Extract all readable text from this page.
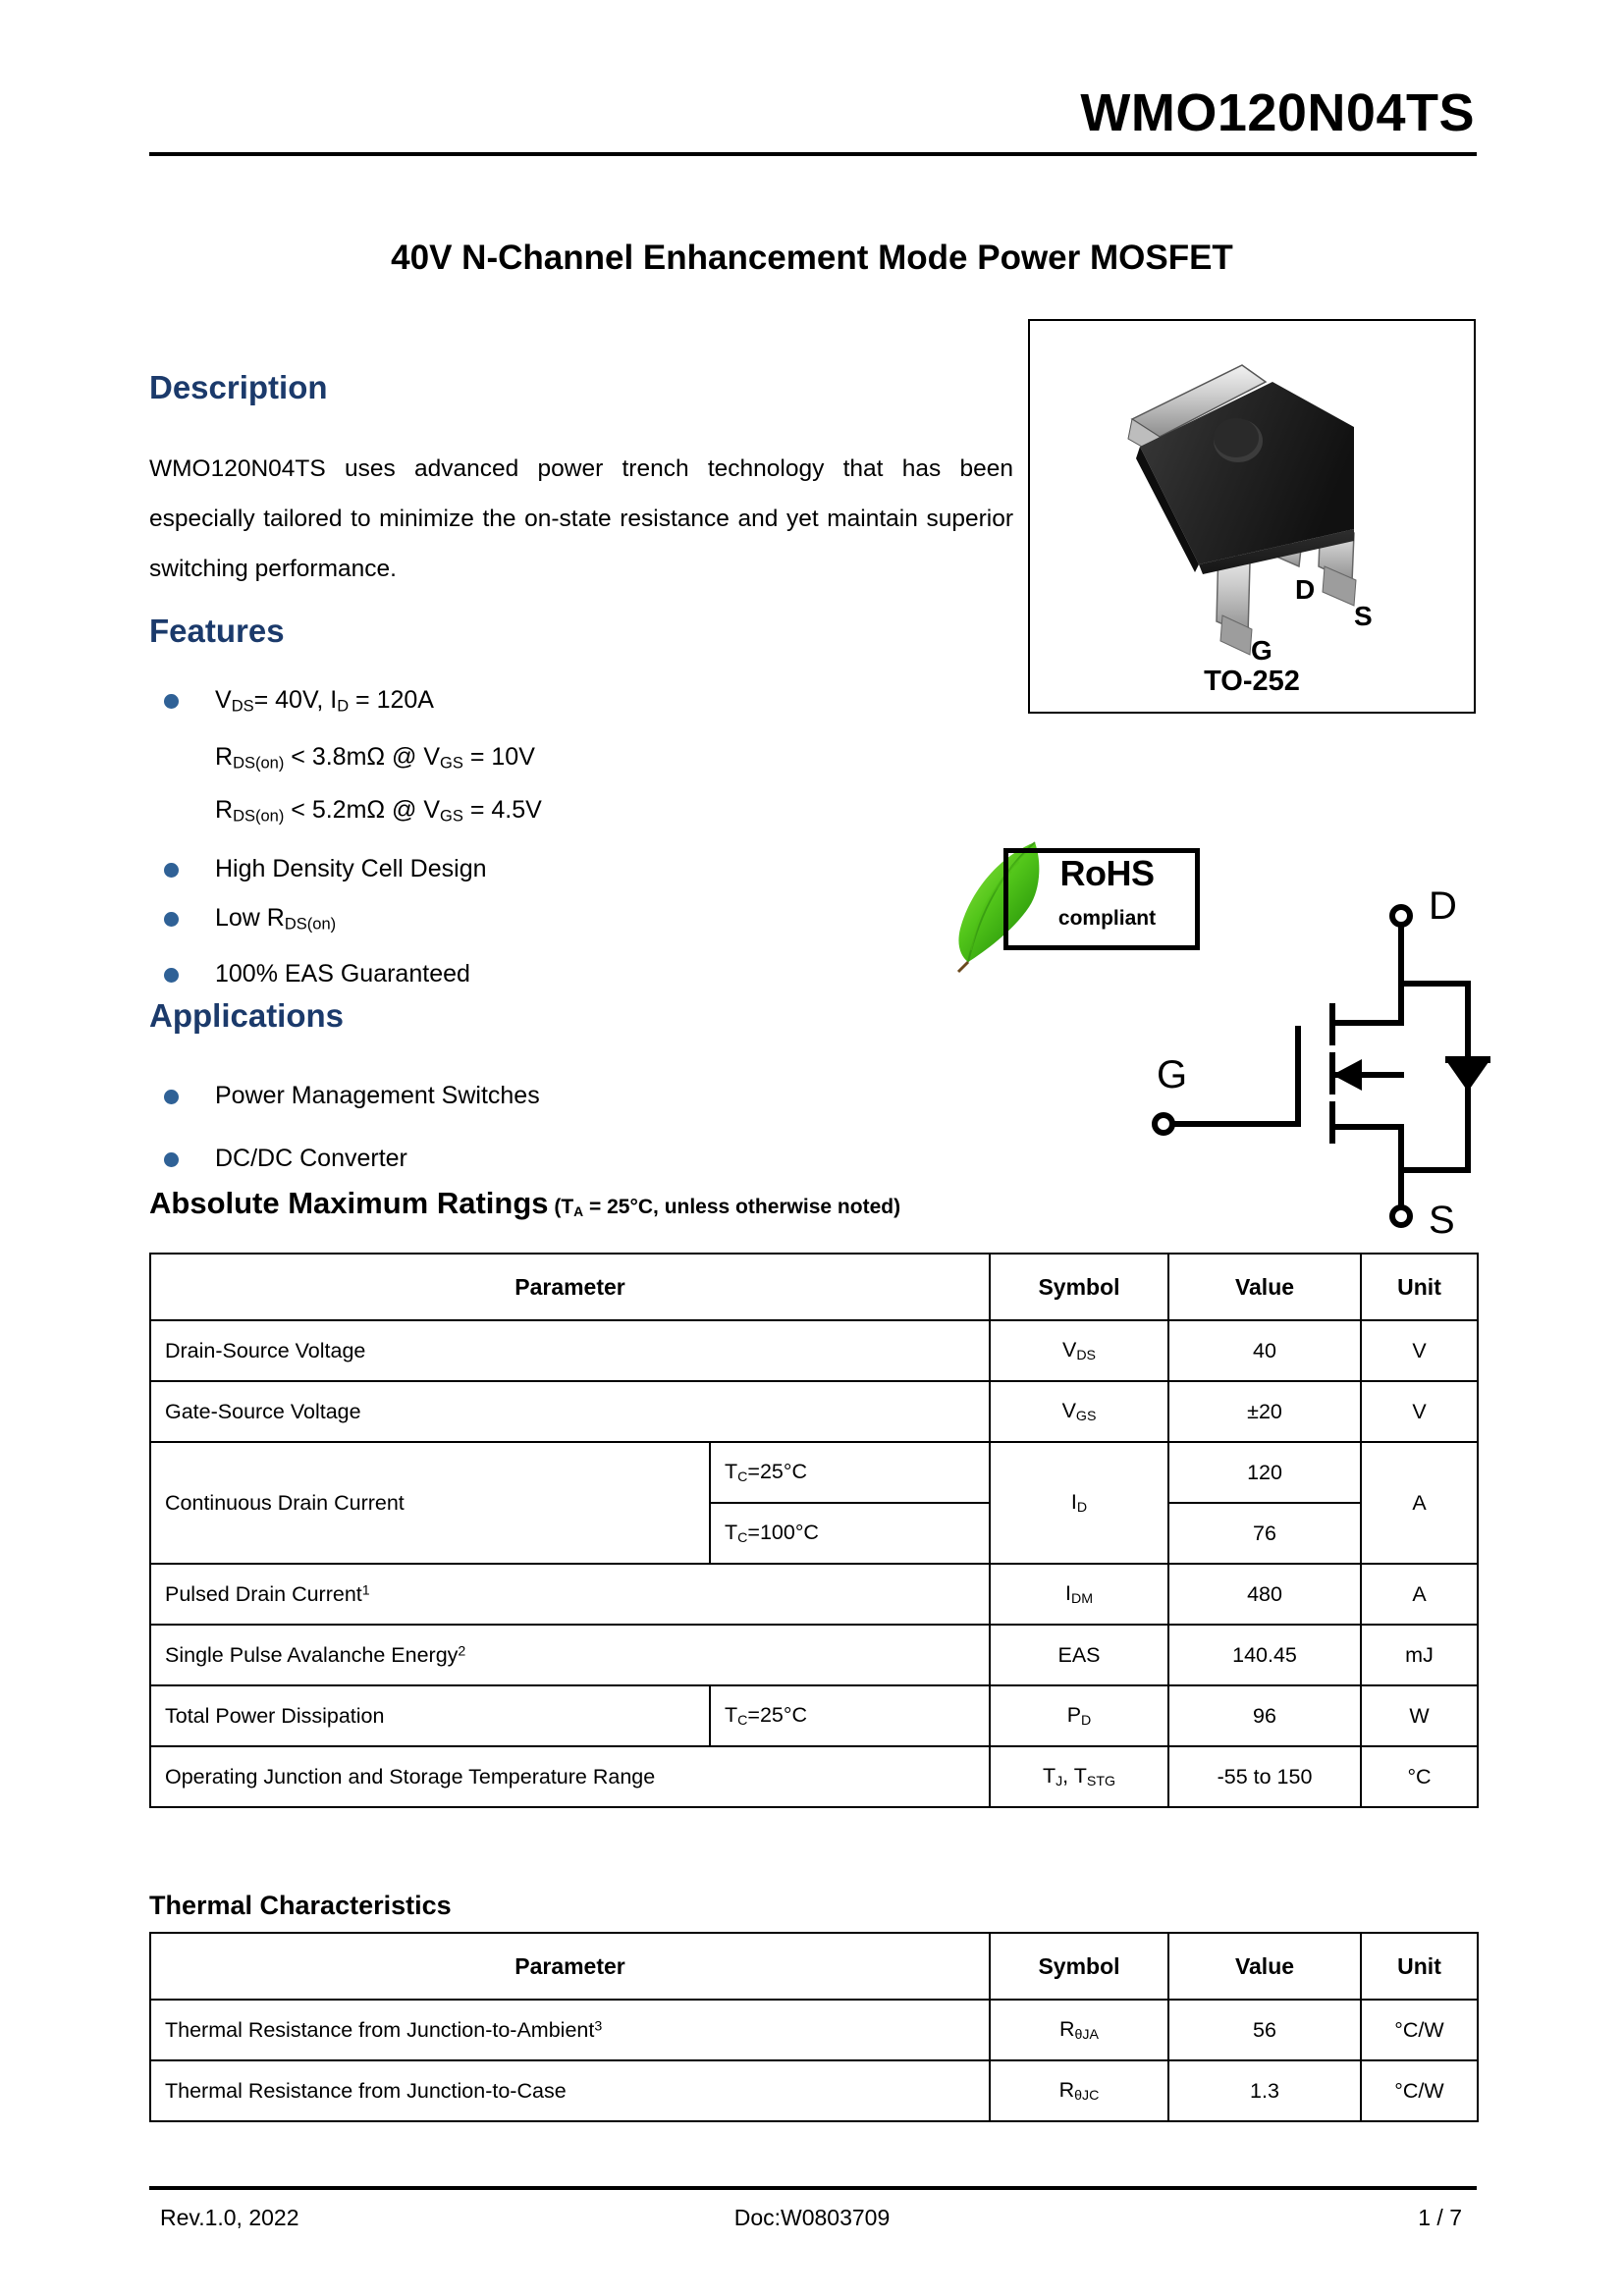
WMO120N04TS
40V N-Channel Enhancement Mode Power MOSFET
Description
WMO120N04TS uses advanced power trench technology that has been especially tailored to minimize the on-state resistance and yet maintain superior switching performance.
Features
$V_{DS}= 40V$, $I_D = 120A$
$R_{DS(on)} < 3.8m\Omega$ @ $V_{GS} = 10V$
$R_{DS(on)} < 5.2m\Omega$ @ $V_{GS} = 4.5V$
High Density Cell Design
Low $R_{DS(on)}$
100% EAS Guaranteed
Applications
Power Management Switches
DC/DC Converter
D
S
G
TO-252
RoHS
compliant	D
G
S
Absolute Maximum Ratings ($T_A = 25^\circ C$, unless otherwise noted)
Parameter		Symbol	Value	Unit
Drain-Source Voltage		$V_{DS}$	40	V
Gate-Source Voltage		$V_{GS}$	±20	V
Continuous Drain Current	$T_C=25^\circ C$	$I_D$	120	A
	$T_C=100^\circ C$		76	
Pulsed Drain Current$^1$		$I_{DM}$	480	A
Single Pulse Avalanche Energy$^2$		EAS	140.45	mJ
Total Power Dissipation	$T_C=25^\circ C$	$P_D$	96	W
Operating Junction and Storage Temperature Range		$T_J$, $T_{STG}$	-55 to 150	°C
Thermal Characteristics
Parameter	Symbol	Value	Unit
Thermal Resistance from Junction-to-Ambient$^3$	$R_{\theta JA}$	56	°C/W
Thermal Resistance from Junction-to-Case	$R_{\theta JC}$	1.3	°C/W
Rev.1.0, 2022	Doc:W0803709	1 / 7
